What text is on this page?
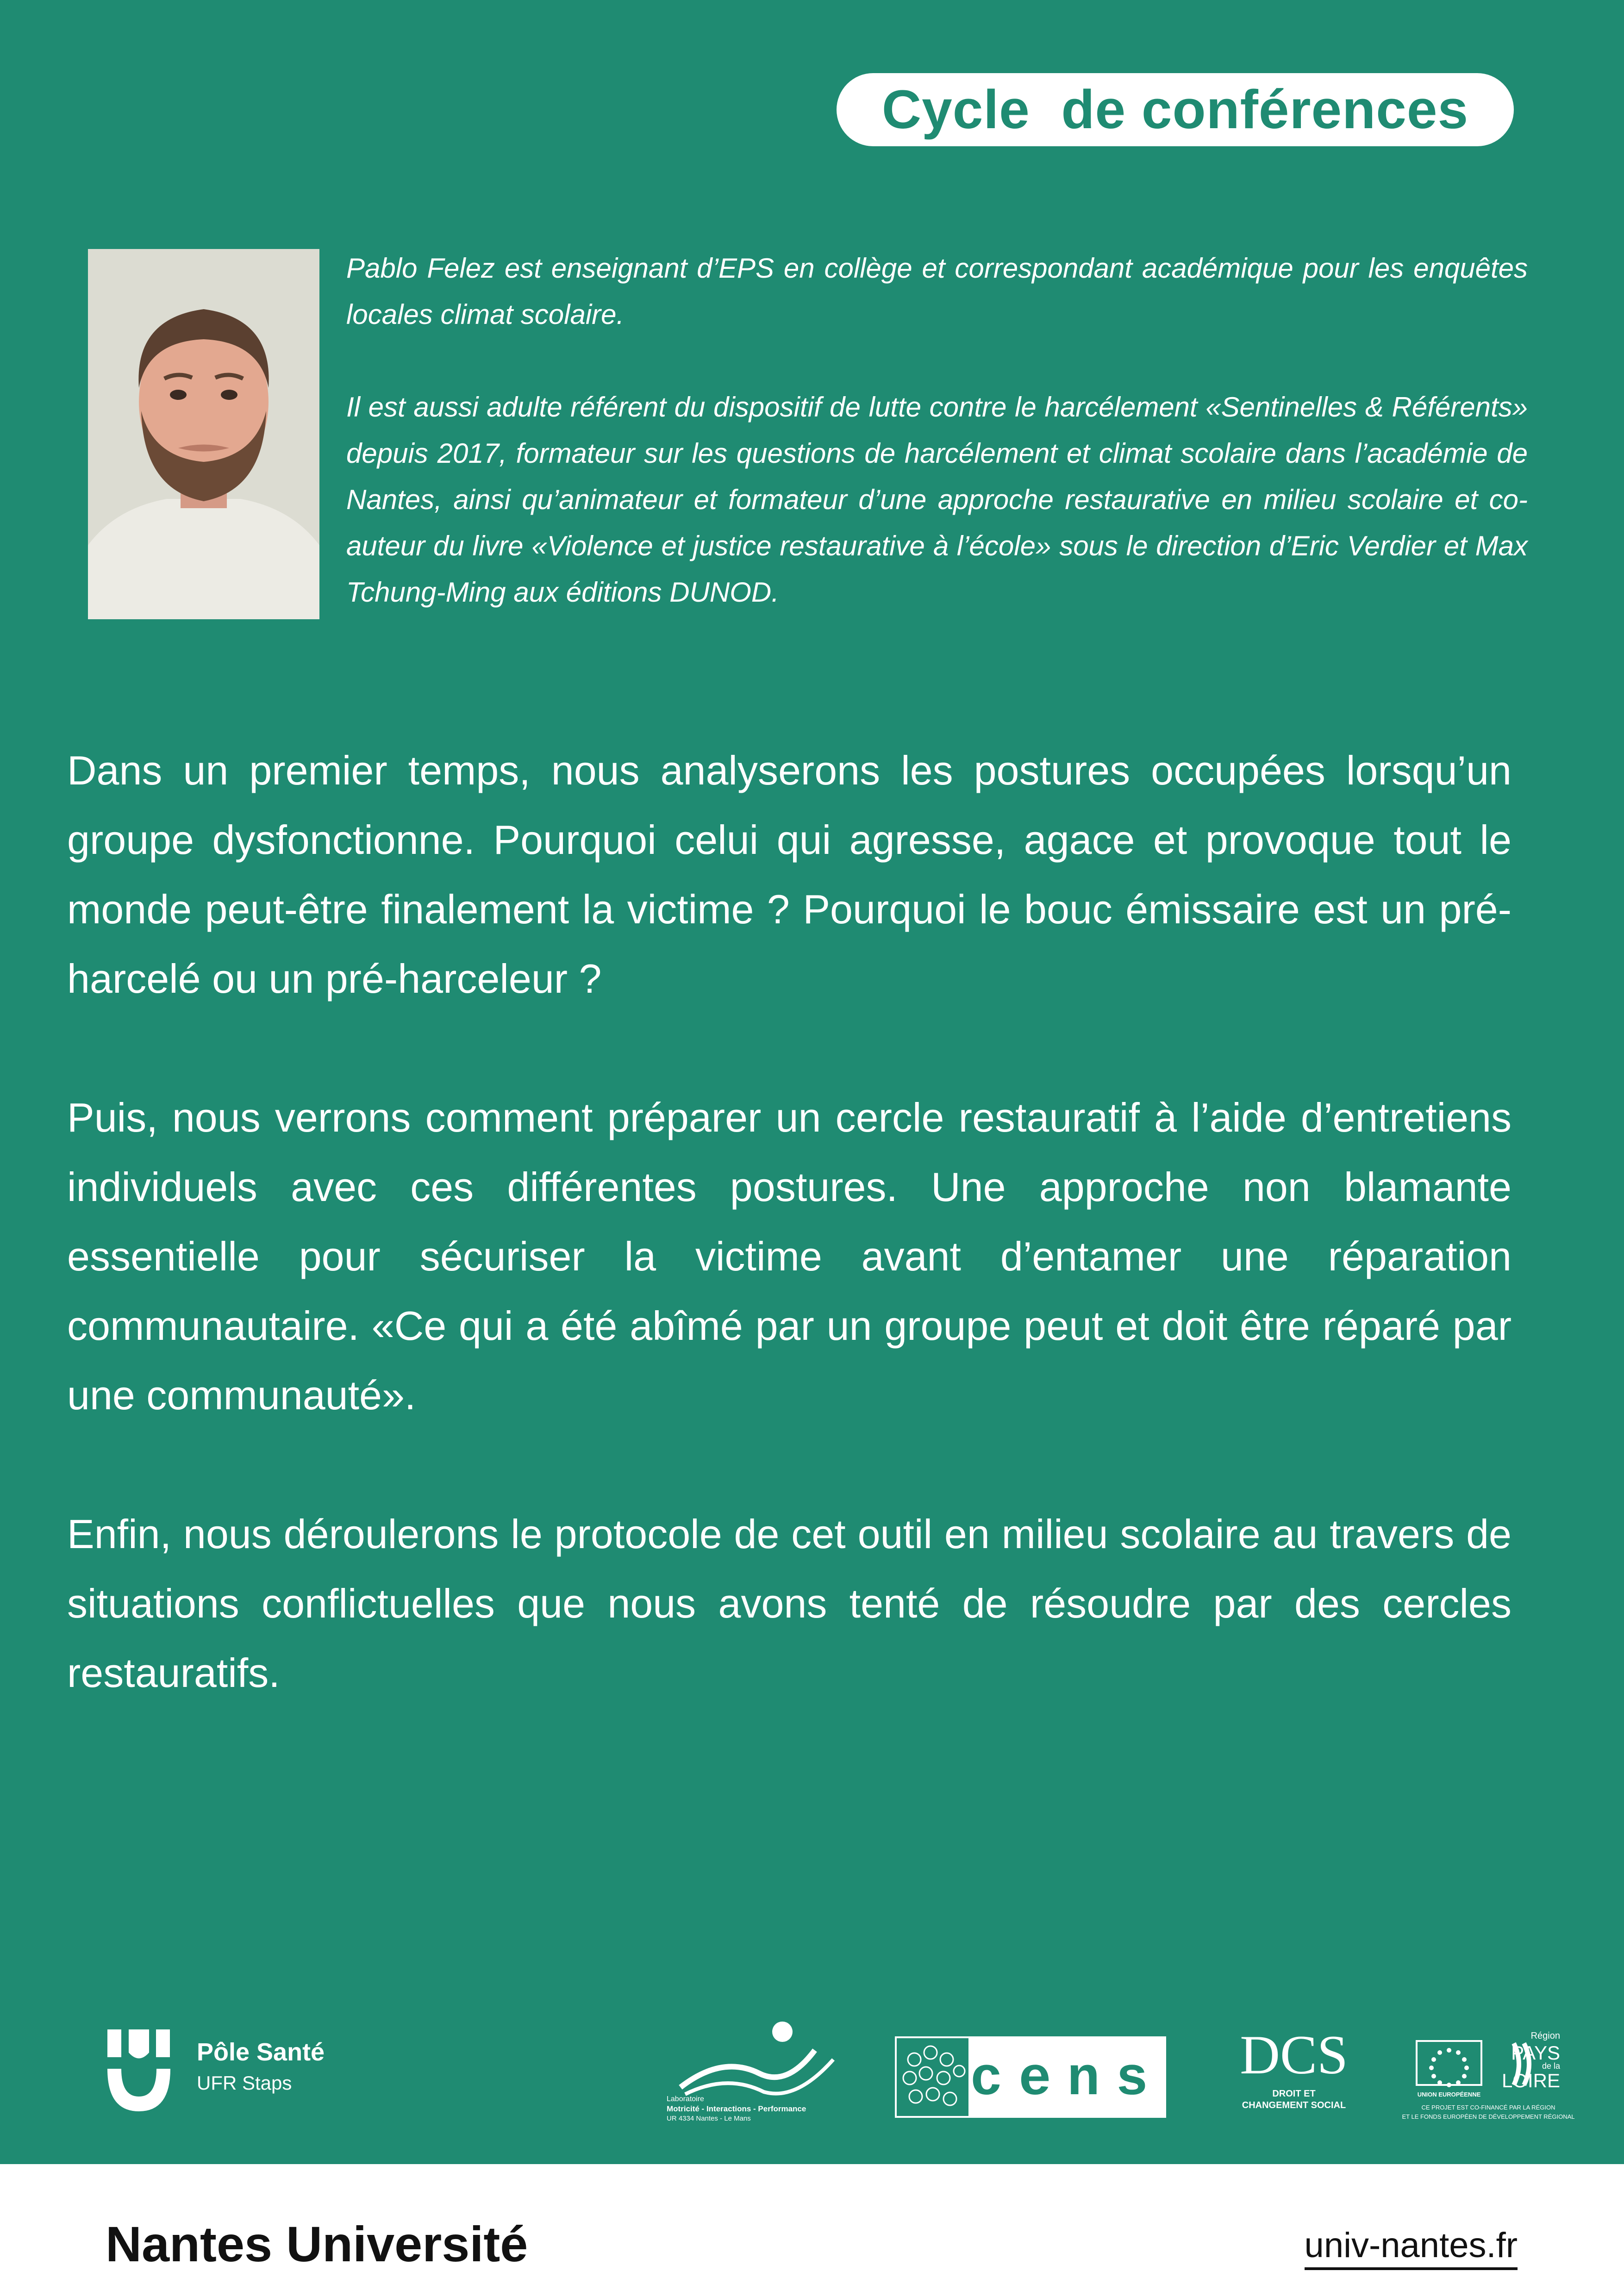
Cycle  de conférences

Pablo Felez est enseignant d’EPS en collège et correspondant académique pour les enquêtes locales climat scolaire.

Il est aussi adulte référent du dispositif de lutte contre le harcélement «Sentinelles & Référents» depuis 2017, formateur sur les questions de harcélement et climat scolaire dans l’académie de Nantes, ainsi qu’animateur et formateur d’une approche restaurative en milieu scolaire et co-auteur du livre «Violence et justice restaurative à l’école» sous le direction d’Eric Verdier et Max Tchung-Ming aux éditions DUNOD.

Dans un premier temps, nous analyserons les postures occupées lorsqu’un groupe dysfonctionne. Pourquoi celui qui agresse, agace et provoque tout le monde peut-être finalement la victime ? Pourquoi le bouc émissaire est un pré-harcelé ou un pré-harceleur ?

Puis, nous verrons comment préparer un cercle restauratif à l’aide d’entretiens individuels avec ces différentes postures. Une approche non blamante essentielle pour sécuriser la victime avant d’entamer une réparation communautaire. «Ce qui a été abîmé par un groupe peut et doit être réparé par une communauté».

Enfin, nous déroulerons le protocole de cet outil en milieu scolaire au travers de situations conflictuelles que nous avons tenté de résoudre par des cercles restauratifs.

Pôle Santé
UFR Staps
Laboratoire
Motricité - Interactions - Performance
UR 4334 Nantes - Le Mans
cens DCS
DROIT ET
CHANGEMENT SOCIAL
UNION EUROPÉENNE
Région
PAYS
de la
LOIRE
CE PROJET EST CO-FINANCÉ PAR LA RÉGION
ET LE FONDS EUROPÉEN DE DÉVELOPPEMENT RÉGIONAL
Nantes Université	univ-nantes.fr
